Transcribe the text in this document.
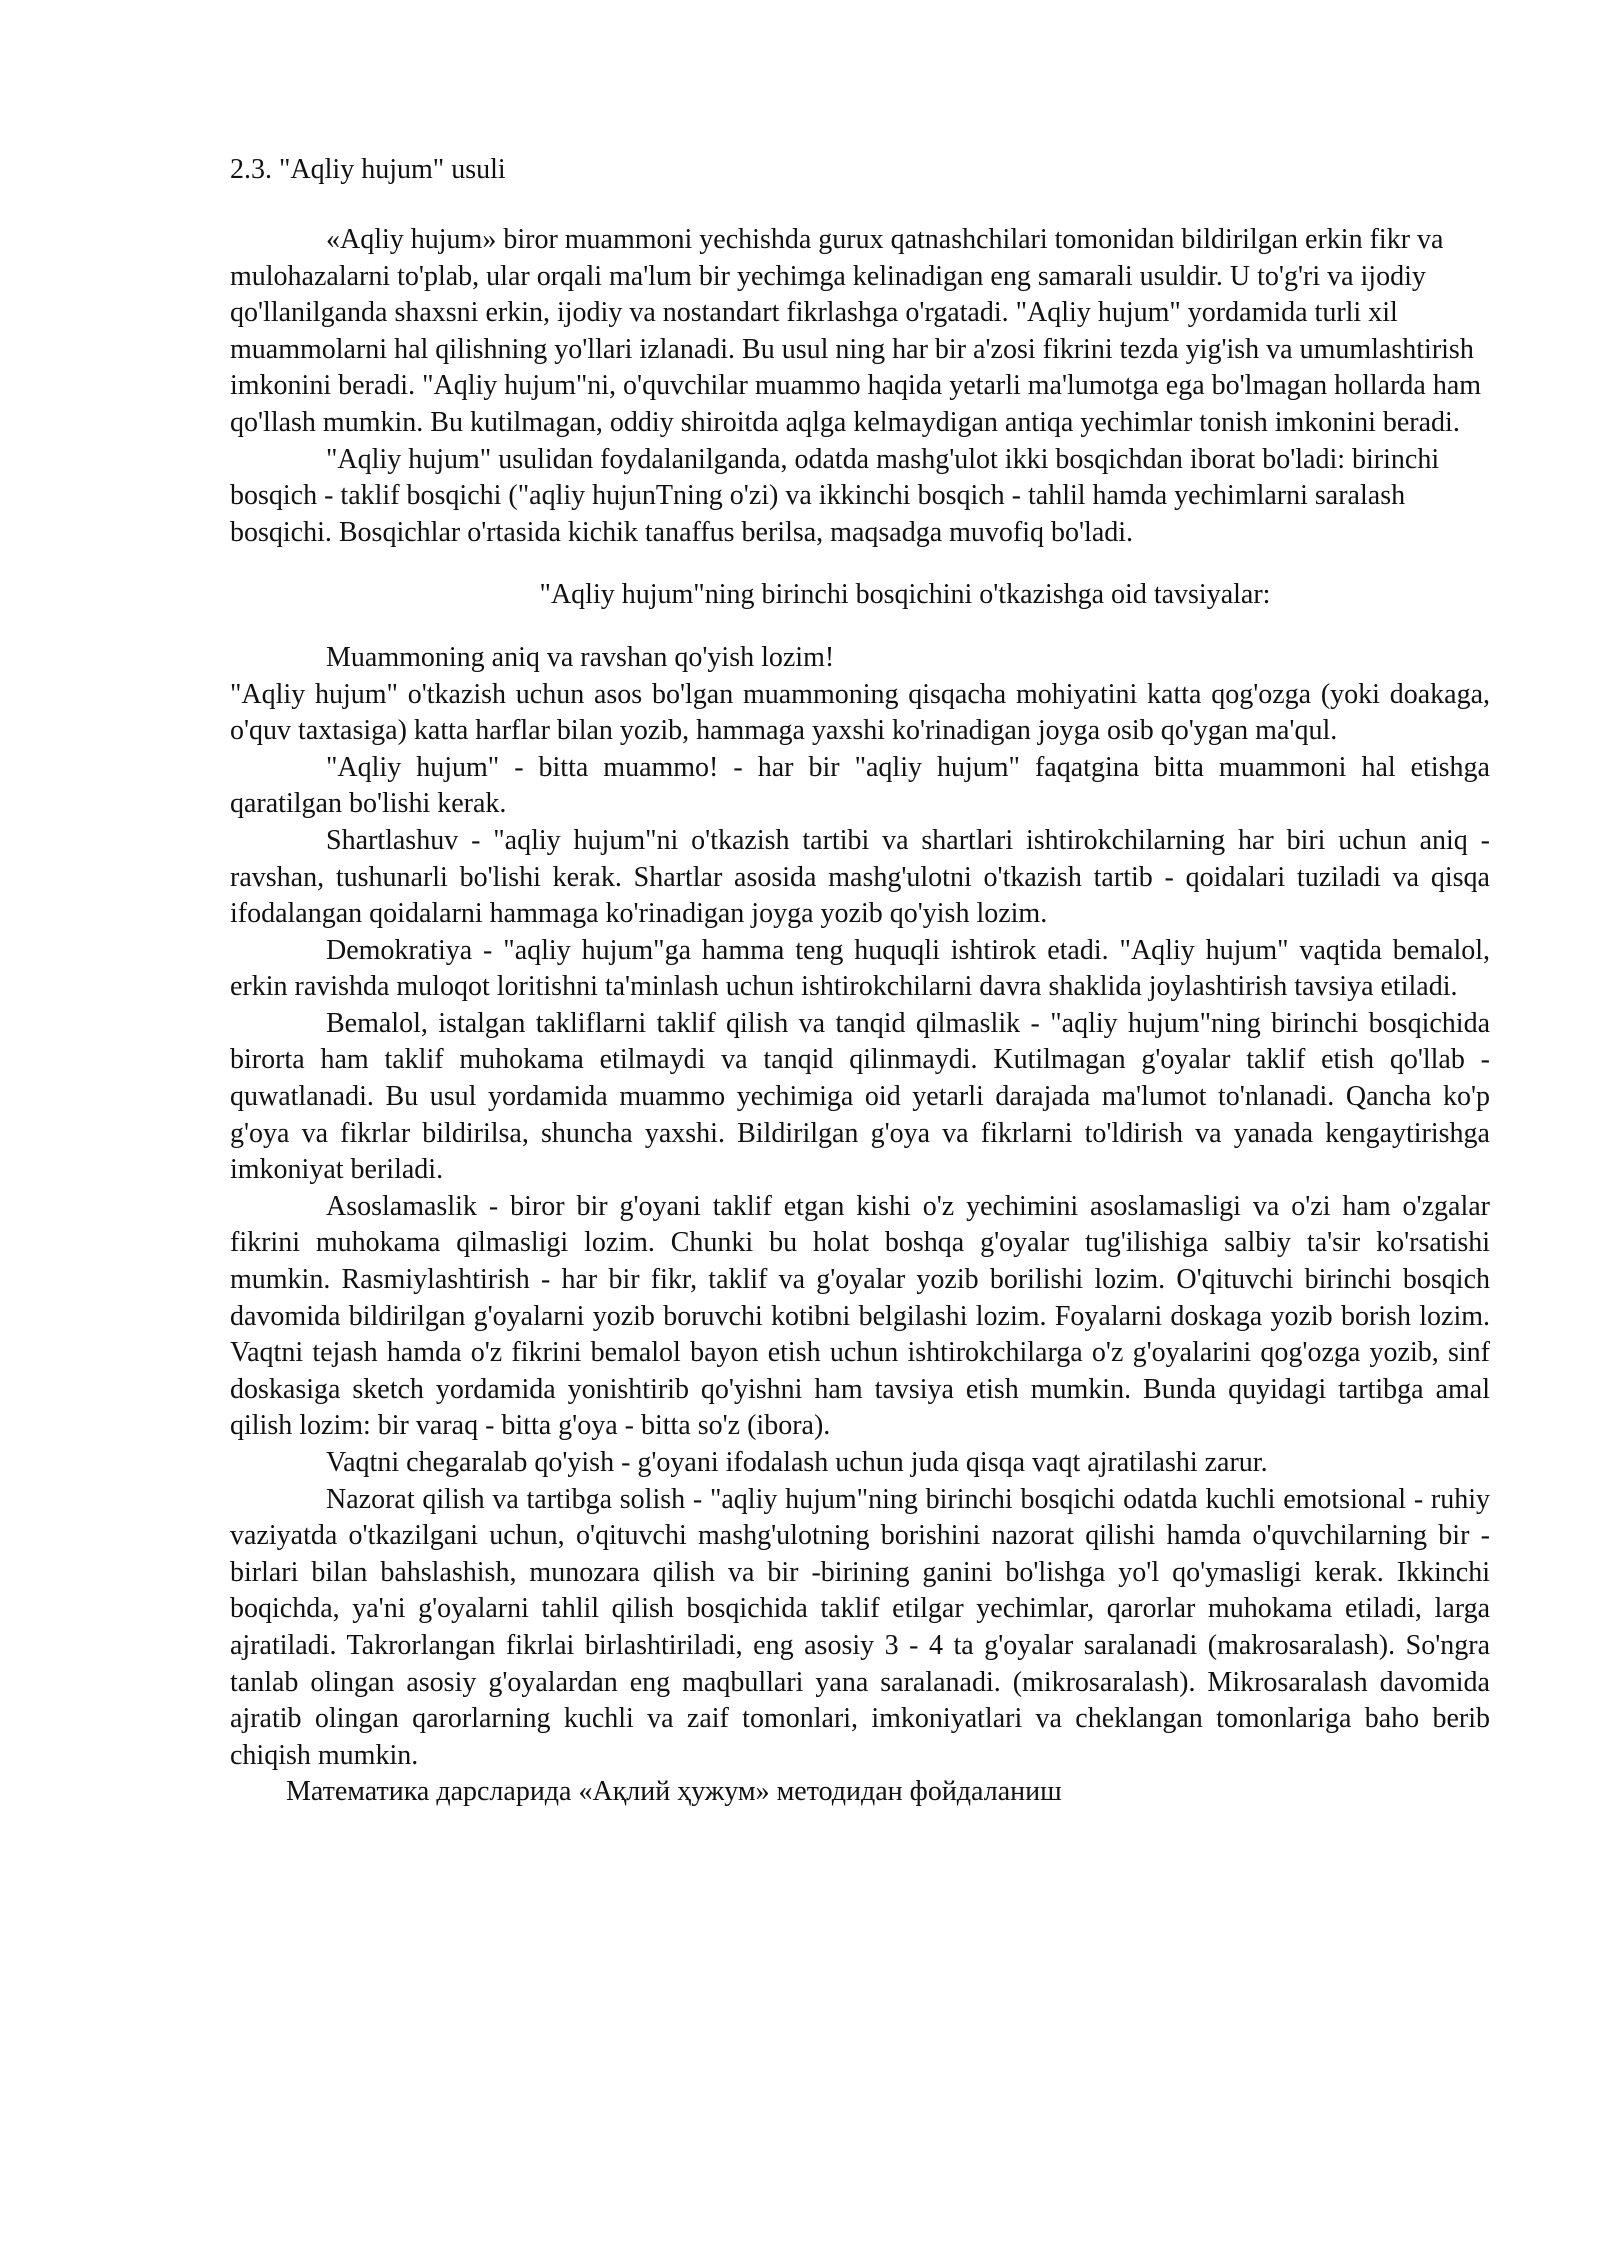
2.3. "Aqliy hujum" usuli

«Aqliy hujum» biror muammoni yechishda gurux qatnashchilari tomonidan bildirilgan erkin fikr va mulohazalarni to'plab, ular orqali ma'lum bir yechimga kelinadigan eng samarali usuldir. U to'g'ri va ijodiy qo'llanilganda shaxsni erkin, ijodiy va nostandart fikrlashga o'rgatadi. "Aqliy hujum" yordamida turli xil muammolarni hal qilishning yo'llari izlanadi. Bu usul ning har bir a'zosi fikrini tezda yig'ish va umumlashtirish imkonini beradi. "Aqliy hujum"ni, o'quvchilar muammo haqida yetarli ma'lumotga ega bo'lmagan hollarda ham qo'llash mumkin. Bu kutilmagan, oddiy shiroitda aqlga kelmaydigan antiqa yechimlar tonish imkonini beradi.

"Aqliy hujum" usulidan foydalanilganda, odatda mashg'ulot ikki bosqichdan iborat bo'ladi: birinchi bosqich - taklif bosqichi ("aqliy hujunTning o'zi) va ikkinchi bosqich - tahlil hamda yechimlarni saralash bosqichi. Bosqichlar o'rtasida kichik tanaffus berilsa, maqsadga muvofiq bo'ladi.

"Aqliy hujum"ning birinchi bosqichini o'tkazishga oid tavsiyalar:

Muammoning aniq va ravshan qo'yish lozim!

"Aqliy hujum" o'tkazish uchun asos bo'lgan muammoning qisqacha mohiyatini katta qog'ozga (yoki doakaga, o'quv taxtasiga) katta harflar bilan yozib, hammaga yaxshi ko'rinadigan joyga osib qo'ygan ma'qul.

"Aqliy hujum" - bitta muammo! - har bir "aqliy hujum" faqatgina bitta muammoni hal etishga qaratilgan bo'lishi kerak.

Shartlashuv - "aqliy hujum"ni o'tkazish tartibi va shartlari ishtirokchilarning har biri uchun aniq - ravshan, tushunarli bo'lishi kerak. Shartlar asosida mashg'ulotni o'tkazish tartib - qoidalari tuziladi va qisqa ifodalangan qoidalarni hammaga ko'rinadigan joyga yozib qo'yish lozim.

Demokratiya - "aqliy hujum"ga hamma teng huquqli ishtirok etadi. "Aqliy hujum" vaqtida bemalol, erkin ravishda muloqot loritishni ta'minlash uchun ishtirokchilarni davra shaklida joylashtirish tavsiya etiladi.

Bemalol, istalgan takliflarni taklif qilish va tanqid qilmaslik - "aqliy hujum"ning birinchi bosqichida birorta ham taklif muhokama etilmaydi va tanqid qilinmaydi. Kutilmagan g'oyalar taklif etish qo'llab -quwatlanadi. Bu usul yordamida muammo yechimiga oid yetarli darajada ma'lumot to'nlanadi. Qancha ko'p g'oya va fikrlar bildirilsa, shuncha yaxshi. Bildirilgan g'oya va fikrlarni to'ldirish va yanada kengaytirishga imkoniyat beriladi.

Asoslamaslik - biror bir g'oyani taklif etgan kishi o'z yechimini asoslamasligi va o'zi ham o'zgalar fikrini muhokama qilmasligi lozim. Chunki bu holat boshqa g'oyalar tug'ilishiga salbiy ta'sir ko'rsatishi mumkin. Rasmiylashtirish - har bir fikr, taklif va g'oyalar yozib borilishi lozim. O'qituvchi birinchi bosqich davomida bildirilgan g'oyalarni yozib boruvchi kotibni belgilashi lozim. Foyalarni doskaga yozib borish lozim. Vaqtni tejash hamda o'z fikrini bemalol bayon etish uchun ishtirokchilarga o'z g'oyalarini qog'ozga yozib, sinf doskasiga sketch yordamida yonishtirib qo'yishni ham tavsiya etish mumkin. Bunda quyidagi tartibga amal qilish lozim: bir varaq - bitta g'oya - bitta so'z (ibora).

Vaqtni chegaralab qo'yish - g'oyani ifodalash uchun juda qisqa vaqt ajratilashi zarur.

Nazorat qilish va tartibga solish - "aqliy hujum"ning birinchi bosqichi odatda kuchli emotsional - ruhiy vaziyatda o'tkazilgani uchun, o'qituvchi mashg'ulotning borishini nazorat qilishi hamda o'quvchilarning bir -birlari bilan bahslashish, munozara qilish va bir -birining ganini bo'lishga yo'l qo'ymasligi kerak. Ikkinchi boqichda, ya'ni g'oyalarni tahlil qilish bosqichida taklif etilgar yechimlar, qarorlar muhokama etiladi, larga ajratiladi. Takrorlangan fikrlai birlashtiriladi, eng asosiy 3 - 4 ta g'oyalar saralanadi (makrosaralash). So'ngra tanlab olingan asosiy g'oyalardan eng maqbullari yana saralanadi. (mikrosaralash). Mikrosaralash davomida ajratib olingan qarorlarning kuchli va zaif tomonlari, imkoniyatlari va cheklangan tomonlariga baho berib chiqish mumkin.

Математика дарсларида «Ақлий ҳужум» методидан фойдаланиш
